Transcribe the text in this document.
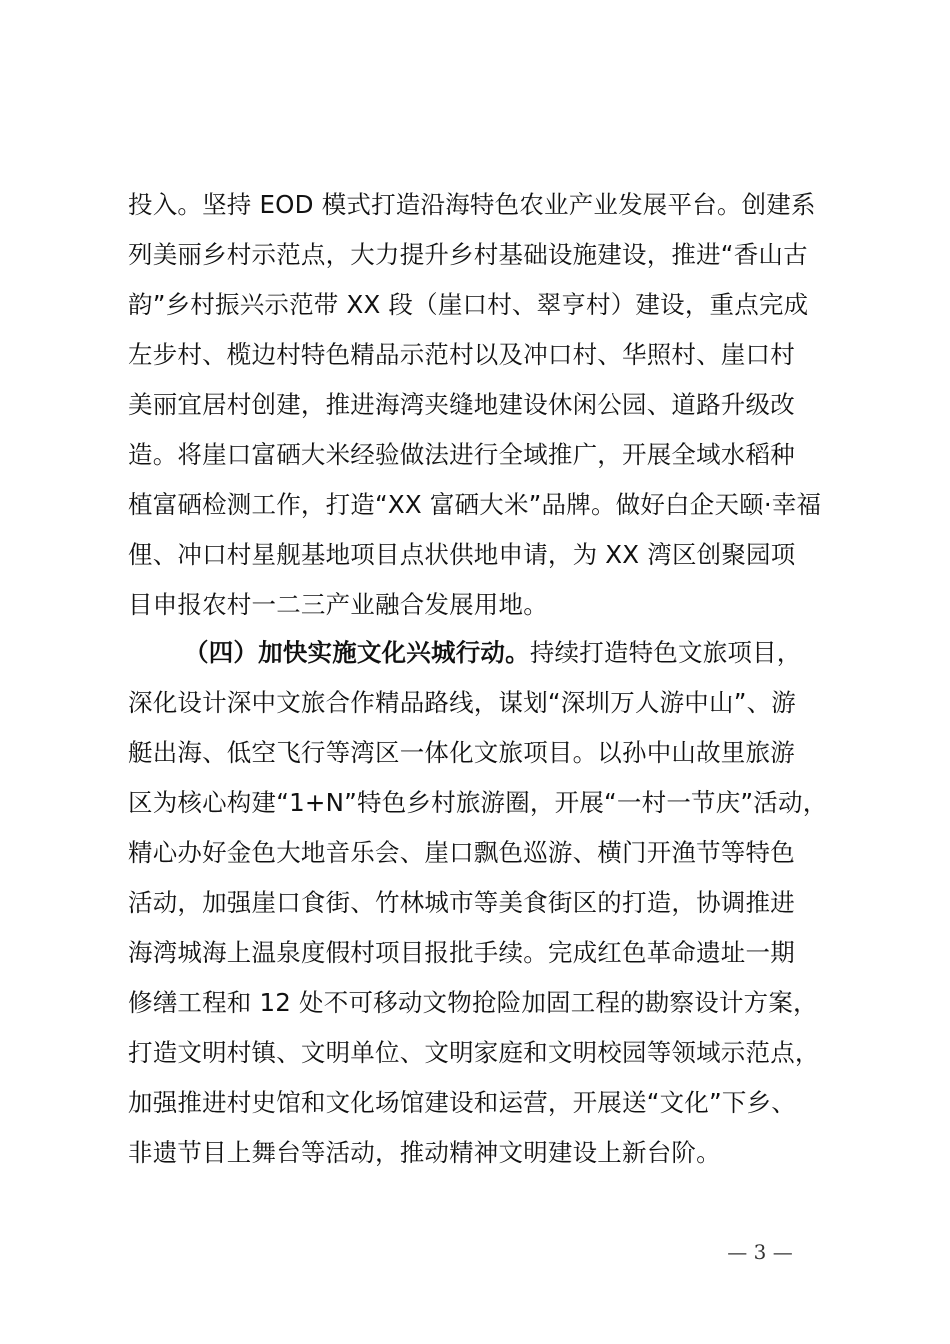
投入。坚持 EOD 模式打造沿海特色农业产业发展平台。创建系
列美丽乡村示范点，大力提升乡村基础设施建设，推进“香山古
韵”乡村振兴示范带 XX 段（崖口村、翠亨村）建设，重点完成
左步村、榄边村特色精品示范村以及冲口村、华照村、崖口村
美丽宜居村创建，推进海湾夹缝地建设休闲公园、道路升级改
造。将崖口富硒大米经验做法进行全域推广，开展全域水稻种
植富硒检测工作，打造“XX 富硒大米”品牌。做好白企天颐·幸福
俚、冲口村星舰基地项目点状供地申请，为 XX 湾区创聚园项
目申报农村一二三产业融合发展用地。
（四）加快实施文化兴城行动。持续打造特色文旅项目，
深化设计深中文旅合作精品路线，谋划“深圳万人游中山”、游
艇出海、低空飞行等湾区一体化文旅项目。以孙中山故里旅游
区为核心构建“1+N”特色乡村旅游圈，开展“一村一节庆”活动，
精心办好金色大地音乐会、崖口飘色巡游、横门开渔节等特色
活动，加强崖口食街、竹林城市等美食街区的打造，协调推进
海湾城海上温泉度假村项目报批手续。完成红色革命遗址一期
修缮工程和 12 处不可移动文物抢险加固工程的勘察设计方案，
打造文明村镇、文明单位、文明家庭和文明校园等领域示范点，
加强推进村史馆和文化场馆建设和运营，开展送“文化”下乡、
非遗节目上舞台等活动，推动精神文明建设上新台阶。
— 3 —
